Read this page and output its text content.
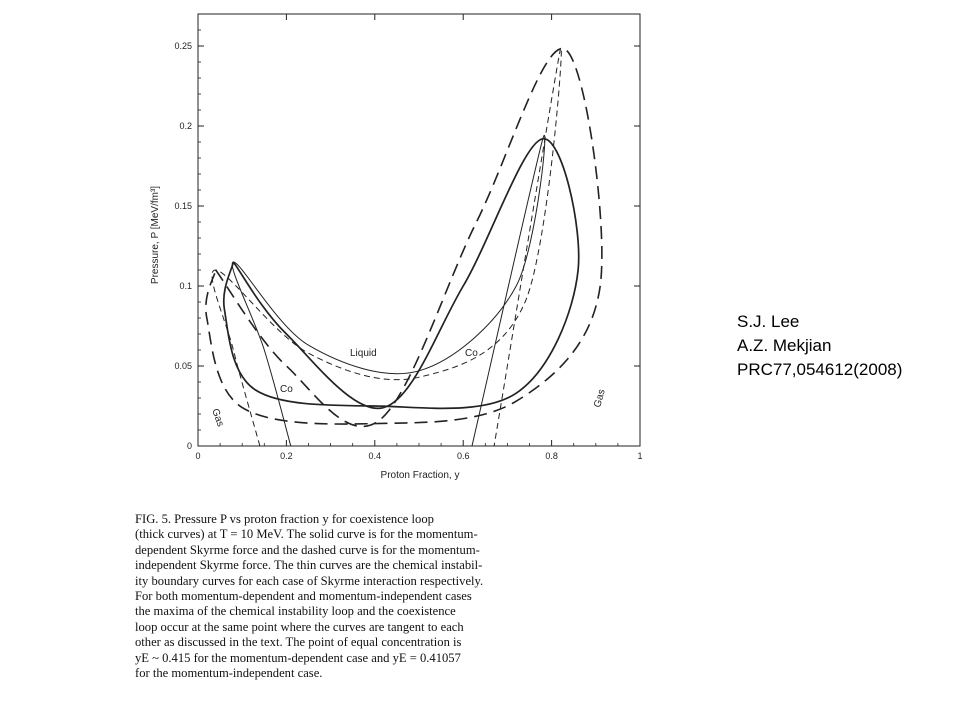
0	0.2	0.4	0.6	0.8	1
0
0.05
0.1
0.15
0.2
0.25
Proton Fraction, y
Pressure, P [MeV/fm³]
Liquid	Co
Co
Gas
Gas
FIG. 5. Pressure P vs proton fraction y for coexistence loop
(thick curves) at T = 10 MeV. The solid curve is for the momentum-
dependent Skyrme force and the dashed curve is for the momentum-
independent Skyrme force. The thin curves are the chemical instabil-
ity boundary curves for each case of Skyrme interaction respectively.
For both momentum-dependent and momentum-independent cases
the maxima of the chemical instability loop and the coexistence
loop occur at the same point where the curves are tangent to each
other as discussed in the text. The point of equal concentration is
yE ~ 0.415 for the momentum-dependent case and yE = 0.41057
for the momentum-independent case.
S.J. Lee
A.Z. Mekjian
PRC77,054612(2008)
